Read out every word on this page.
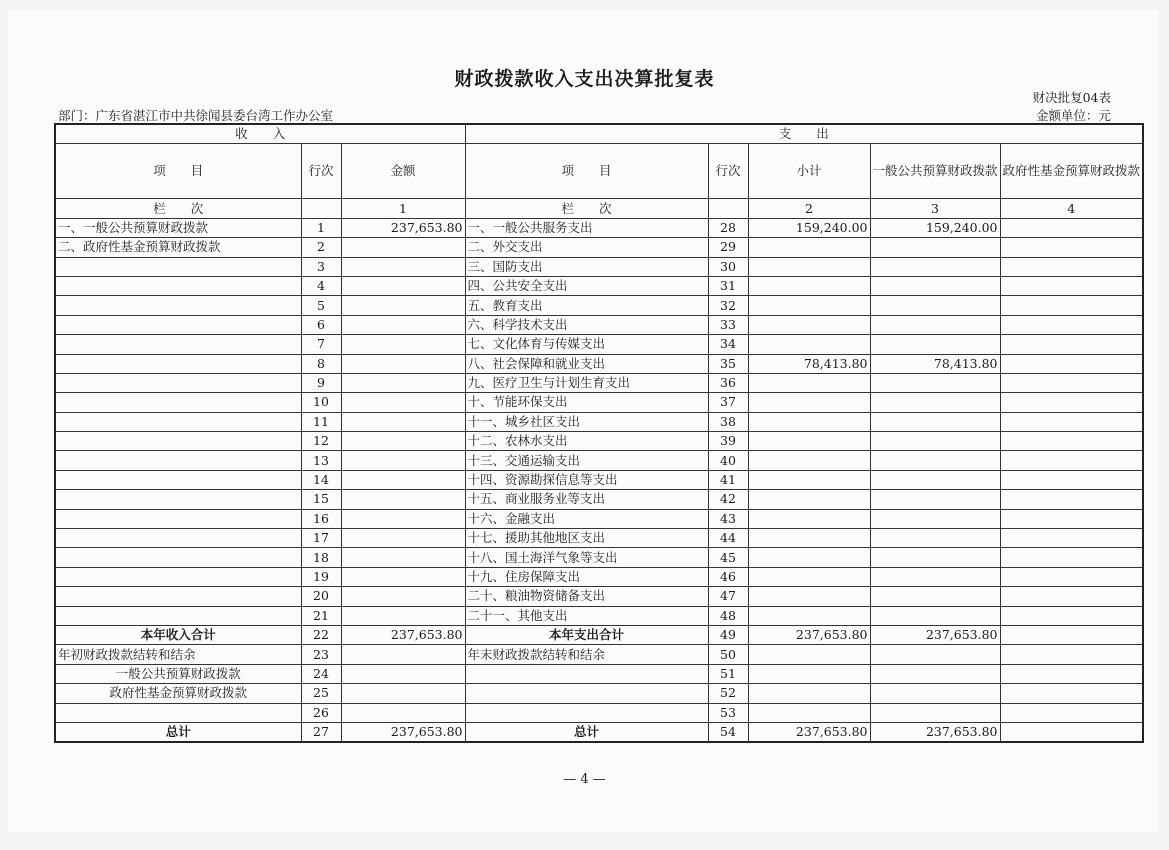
财政拨款收入支出决算批复表
部门：广东省湛江市中共徐闻县委台湾工作办公室
财决批复04表
金额单位：元
收　　入			支　　出				
项　　目	行次	金额	项　　目	行次	小计	一般公共预算财政拨款	政府性基金预算财政拨款
栏　　次		1	栏　　次		2	3	4
一、一般公共预算财政拨款	1	237,653.80	一、一般公共服务支出	28	159,240.00	159,240.00	
二、政府性基金预算财政拨款	2		二、外交支出	29			
	3		三、国防支出	30			
	4		四、公共安全支出	31			
	5		五、教育支出	32			
	6		六、科学技术支出	33			
	7		七、文化体育与传媒支出	34			
	8		八、社会保障和就业支出	35	78,413.80	78,413.80	
	9		九、医疗卫生与计划生育支出	36			
	10		十、节能环保支出	37			
	11		十一、城乡社区支出	38			
	12		十二、农林水支出	39			
	13		十三、交通运输支出	40			
	14		十四、资源勘探信息等支出	41			
	15		十五、商业服务业等支出	42			
	16		十六、金融支出	43			
	17		十七、援助其他地区支出	44			
	18		十八、国土海洋气象等支出	45			
	19		十九、住房保障支出	46			
	20		二十、粮油物资储备支出	47			
	21		二十一、其他支出	48			
本年收入合计	22	237,653.80	本年支出合计	49	237,653.80	237,653.80	
年初财政拨款结转和结余	23		年末财政拨款结转和结余	50			
一般公共预算财政拨款	24			51			
政府性基金预算财政拨款	25			52			
	26			53			
总计	27	237,653.80	总计	54	237,653.80	237,653.80	
— 4 —
